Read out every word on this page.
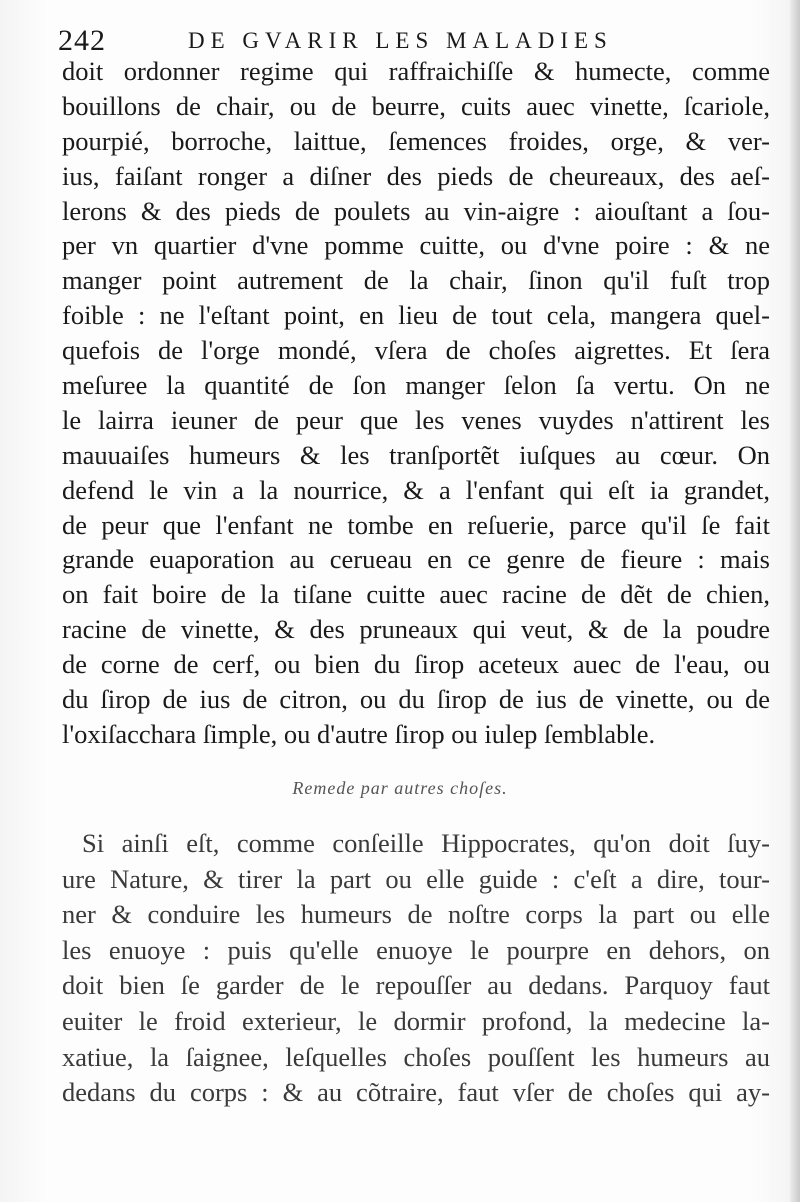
242	DE GVARIR LES MALADIES
doit ordonner regime qui raffraichiſſe & humecte, comme
bouillons de chair, ou de beurre, cuits auec vinette, ſcariole,
pourpié, borroche, laittue, ſemences froides, orge, & ver-
ius, faiſant ronger a diſner des pieds de cheureaux, des aeſ-
lerons & des pieds de poulets au vin-aigre : aiouſtant a ſou-
per vn quartier d'vne pomme cuitte, ou d'vne poire : & ne
manger point autrement de la chair, ſinon qu'il fuſt trop
foible : ne l'eſtant point, en lieu de tout cela, mangera quel-
quefois de l'orge mondé, vſera de choſes aigrettes. Et ſera
meſuree la quantité de ſon manger ſelon ſa vertu. On ne
le lairra ieuner de peur que les venes vuydes n'attirent les
mauuaiſes humeurs & les tranſportẽt iuſques au cœur. On
defend le vin a la nourrice, & a l'enfant qui eſt ia grandet,
de peur que l'enfant ne tombe en reſuerie, parce qu'il ſe fait
grande euaporation au cerueau en ce genre de fieure : mais
on fait boire de la tiſane cuitte auec racine de dẽt de chien,
racine de vinette, & des pruneaux qui veut, & de la poudre
de corne de cerf, ou bien du ſirop aceteux auec de l'eau, ou
du ſirop de ius de citron, ou du ſirop de ius de vinette, ou de
l'oxiſacchara ſimple, ou d'autre ſirop ou iulep ſemblable.
Remede par autres choſes.
Si ainſi eſt, comme conſeille Hippocrates, qu'on doit ſuy-
ure Nature, & tirer la part ou elle guide : c'eſt a dire, tour-
ner & conduire les humeurs de noſtre corps la part ou elle
les enuoye : puis qu'elle enuoye le pourpre en dehors, on
doit bien ſe garder de le repouſſer au dedans. Parquoy faut
euiter le froid exterieur, le dormir profond, la medecine la-
xatiue, la ſaignee, leſquelles choſes pouſſent les humeurs au
dedans du corps : & au cõtraire, faut vſer de choſes qui ay-
